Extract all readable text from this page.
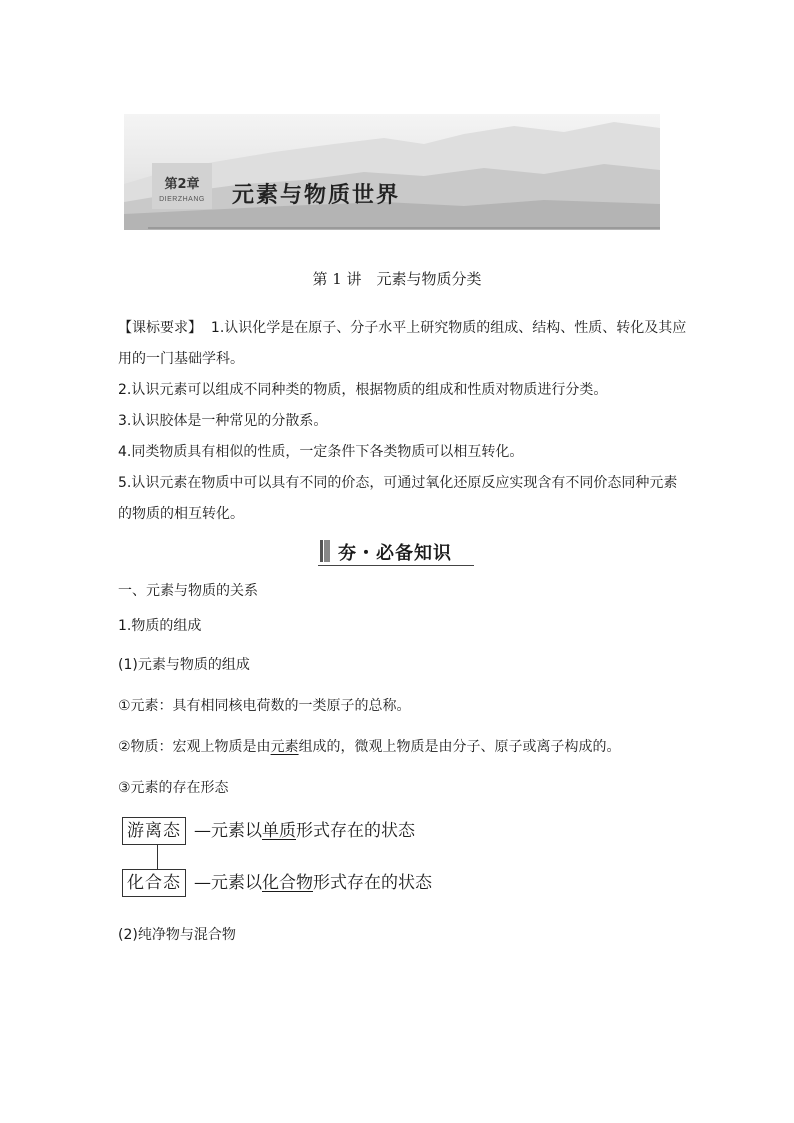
第2章
DIERZHANG	元素与物质世界
第 1 讲　元素与物质分类

【课标要求】 1.认识化学是在原子、分子水平上研究物质的组成、结构、性质、转化及其应用的一门基础学科。

2.认识元素可以组成不同种类的物质，根据物质的组成和性质对物质进行分类。

3.认识胶体是一种常见的分散系。

4.同类物质具有相似的性质，一定条件下各类物质可以相互转化。

5.认识元素在物质中可以具有不同的价态，可通过氧化还原反应实现含有不同价态同种元素的物质的相互转化。

夯・必备知识
一、元素与物质的关系
1.物质的组成
(1)元素与物质的组成
①元素：具有相同核电荷数的一类原子的总称。
②物质：宏观上物质是由元素组成的，微观上物质是由分子、原子或离子构成的。
③元素的存在形态
游离态 —元素以单质形式存在的状态
化合态 —元素以化合物形式存在的状态
(2)纯净物与混合物
